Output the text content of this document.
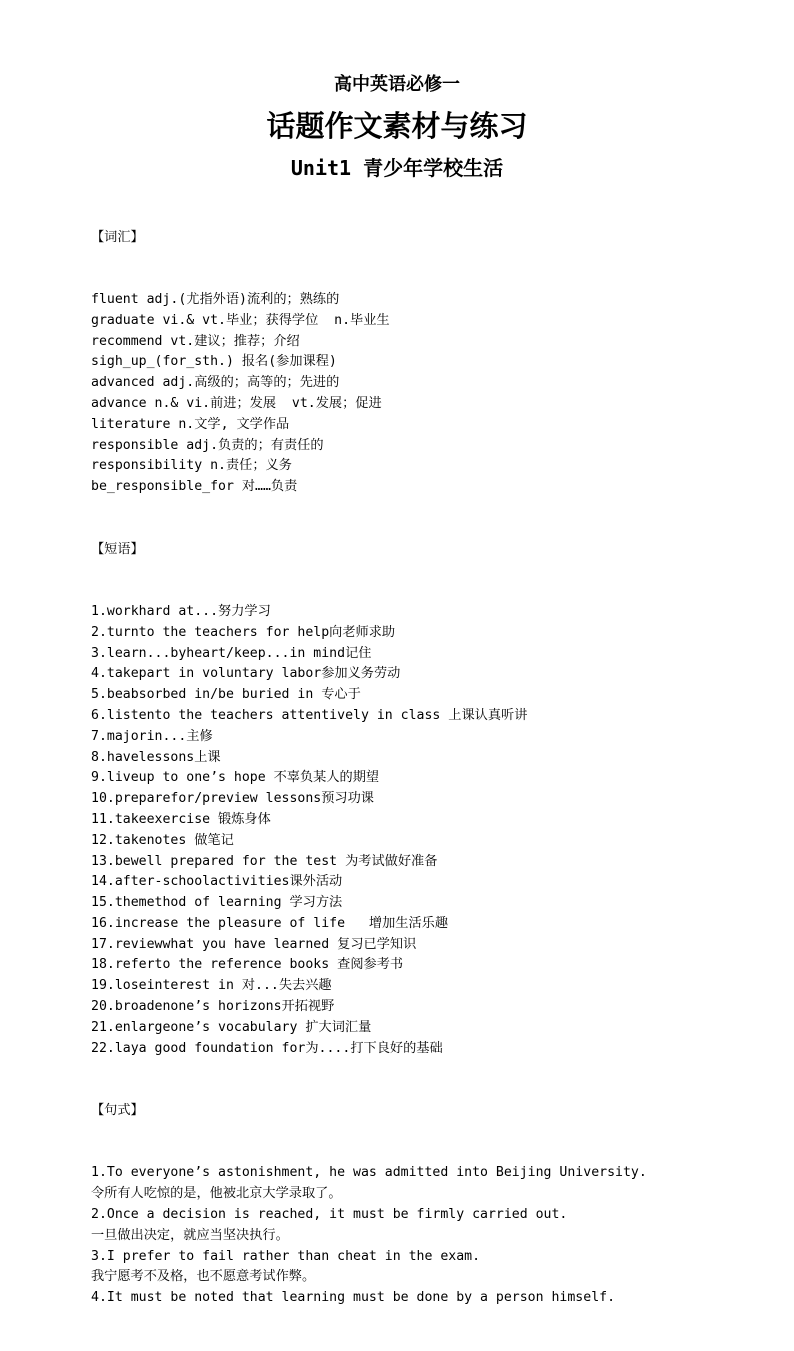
高中英语必修一
话题作文素材与练习
Unit1 青少年学校生活

【词汇】

fluent adj.(尤指外语)流利的；熟练的
graduate vi.& vt.毕业；获得学位  n.毕业生
recommend vt.建议；推荐；介绍
sigh_up_(for_sth.) 报名(参加课程)
advanced adj.高级的；高等的；先进的
advance n.& vi.前进；发展  vt.发展；促进
literature n.文学, 文学作品
responsible adj.负责的；有责任的
responsibility n.责任；义务
be_responsible_for 对……负责

【短语】

1.workhard at...努力学习
2.turnto the teachers for help向老师求助
3.learn...byheart/keep...in mind记住
4.takepart in voluntary labor参加义务劳动
5.beabsorbed in/be buried in 专心于
6.listento the teachers attentively in class 上课认真听讲
7.majorin...主修
8.havelessons上课
9.liveup to one’s hope 不辜负某人的期望
10.preparefor/preview lessons预习功课
11.takeexercise 锻炼身体
12.takenotes 做笔记
13.bewell prepared for the test 为考试做好准备
14.after-schoolactivities课外活动
15.themethod of learning 学习方法
16.increase the pleasure of life   增加生活乐趣
17.reviewwhat you have learned 复习已学知识
18.referto the reference books 查阅参考书
19.loseinterest in 对...失去兴趣
20.broadenone’s horizons开拓视野
21.enlargeone’s vocabulary 扩大词汇量
22.laya good foundation for为....打下良好的基础

【句式】

1.To everyone’s astonishment, he was admitted into Beijing University.
令所有人吃惊的是，他被北京大学录取了。
2.Once a decision is reached, it must be firmly carried out.
一旦做出决定，就应当坚决执行。
3.I prefer to fail rather than cheat in the exam.
我宁愿考不及格，也不愿意考试作弊。
4.It must be noted that learning must be done by a person himself.
